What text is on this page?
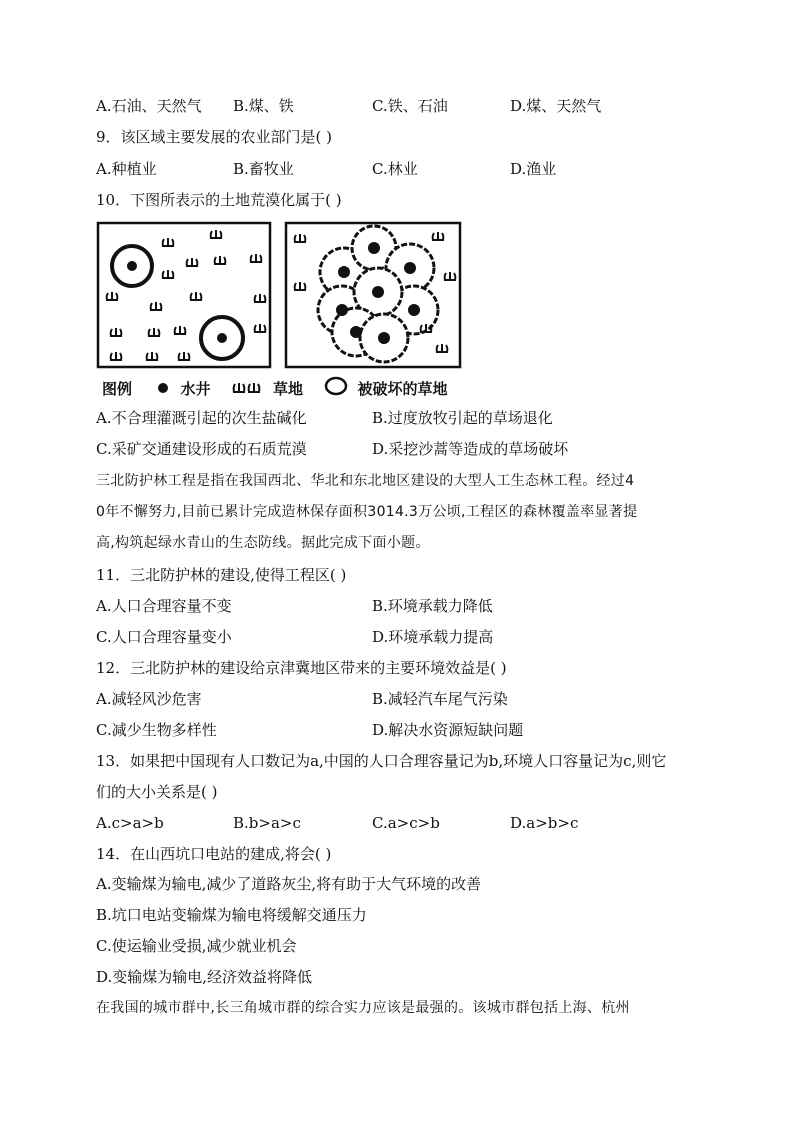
A.石油、天然气 B.煤、铁	C.铁、石油	D.煤、天然气
9．该区域主要发展的农业部门是( )
A.种植业	B.畜牧业	C.林业	D.渔业
10．下图所表示的土地荒漠化属于( )
图例	水井	草地	被破坏的草地
A.不合理灌溉引起的次生盐碱化	B.过度放牧引起的草场退化
C.采矿交通建设形成的石质荒漠	D.采挖沙蒿等造成的草场破坏
三北防护林工程是指在我国西北、华北和东北地区建设的大型人工生态林工程。经过4
0年不懈努力,目前已累计完成造林保存面积3014.3万公顷,工程区的森林覆盖率显著提
高,构筑起绿水青山的生态防线。据此完成下面小题。
11．三北防护林的建设,使得工程区( )
A.人口合理容量不变	B.环境承载力降低
C.人口合理容量变小	D.环境承载力提高
12．三北防护林的建设给京津冀地区带来的主要环境效益是( )
A.减轻风沙危害	B.减轻汽车尾气污染
C.减少生物多样性	D.解决水资源短缺问题
13．如果把中国现有人口数记为a,中国的人口合理容量记为b,环境人口容量记为c,则它
们的大小关系是( )
A.c>a>b	B.b>a>c	C.a>c>b	D.a>b>c
14．在山西坑口电站的建成,将会( )
A.变输煤为输电,减少了道路灰尘,将有助于大气环境的改善
B.坑口电站变输煤为输电将缓解交通压力
C.使运输业受损,减少就业机会
D.变输煤为输电,经济效益将降低
在我国的城市群中,长三角城市群的综合实力应该是最强的。该城市群包括上海、杭州
